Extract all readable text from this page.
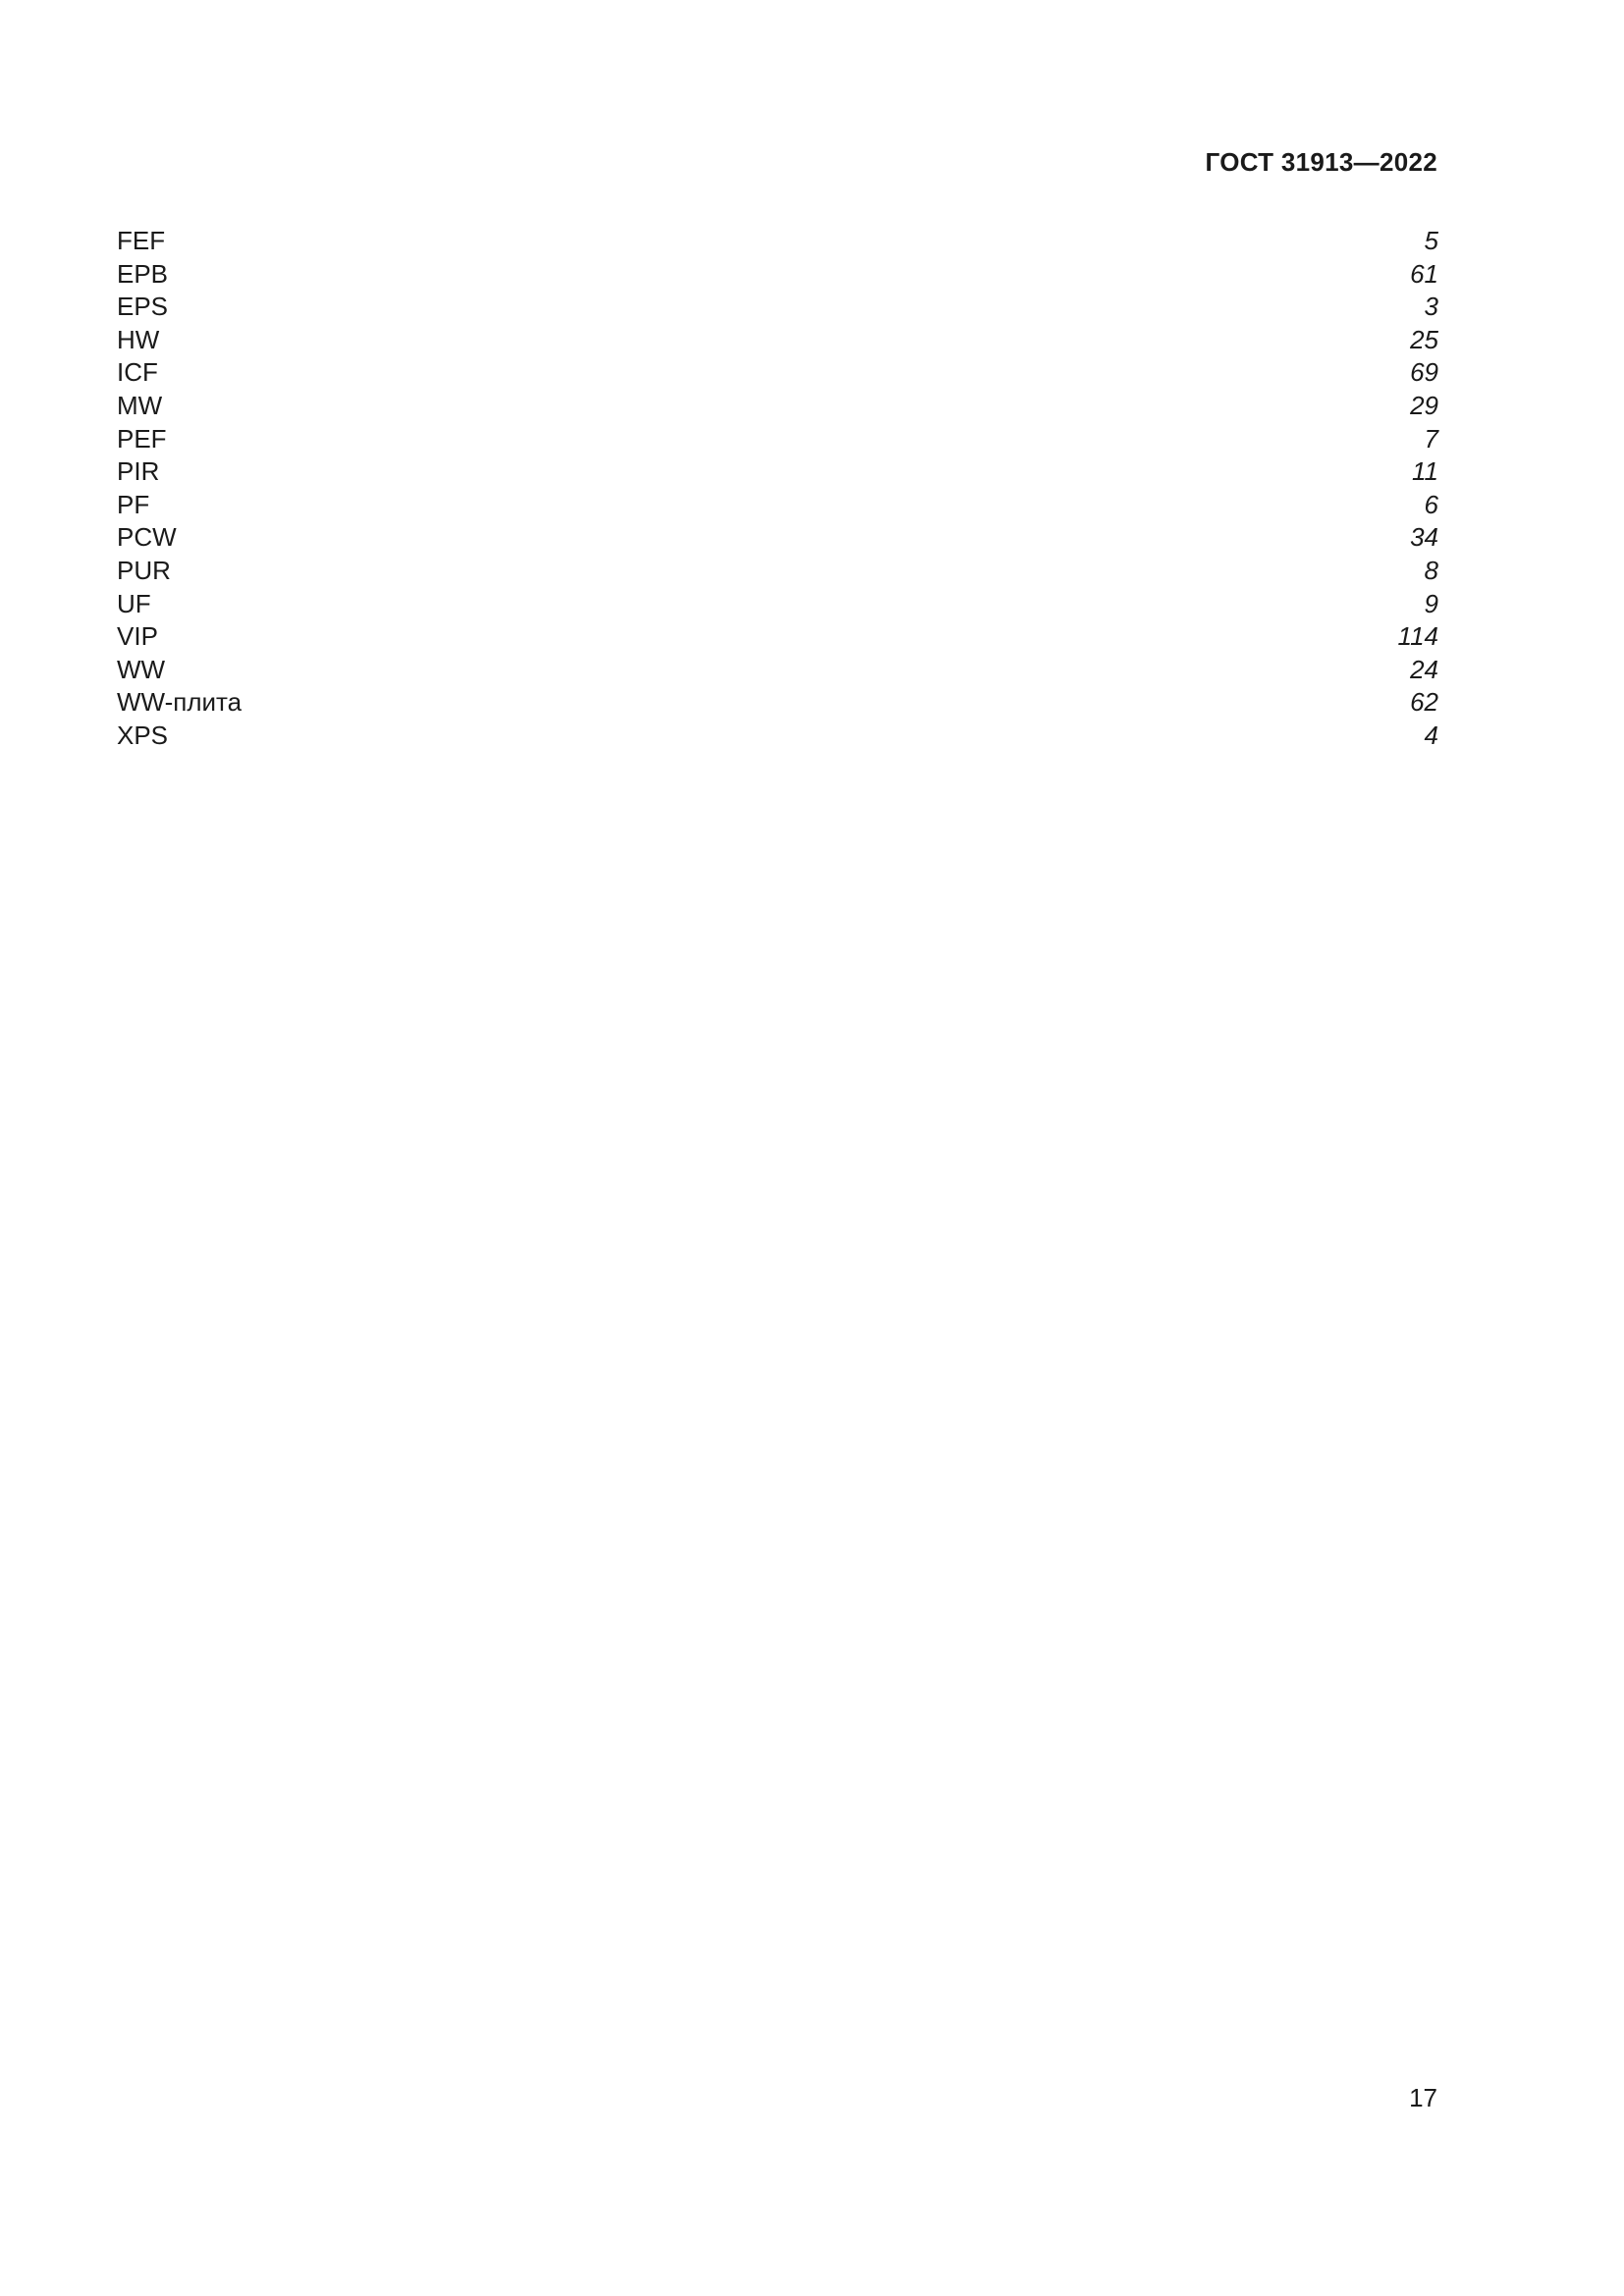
ГОСТ 31913—2022
FEF	5
EPB	61
EPS	3
HW	25
ICF	69
MW	29
PEF	7
PIR	11
PF	6
PCW	34
PUR	8
UF	9
VIP	114
WW	24
WW-плита	62
XPS	4
17
